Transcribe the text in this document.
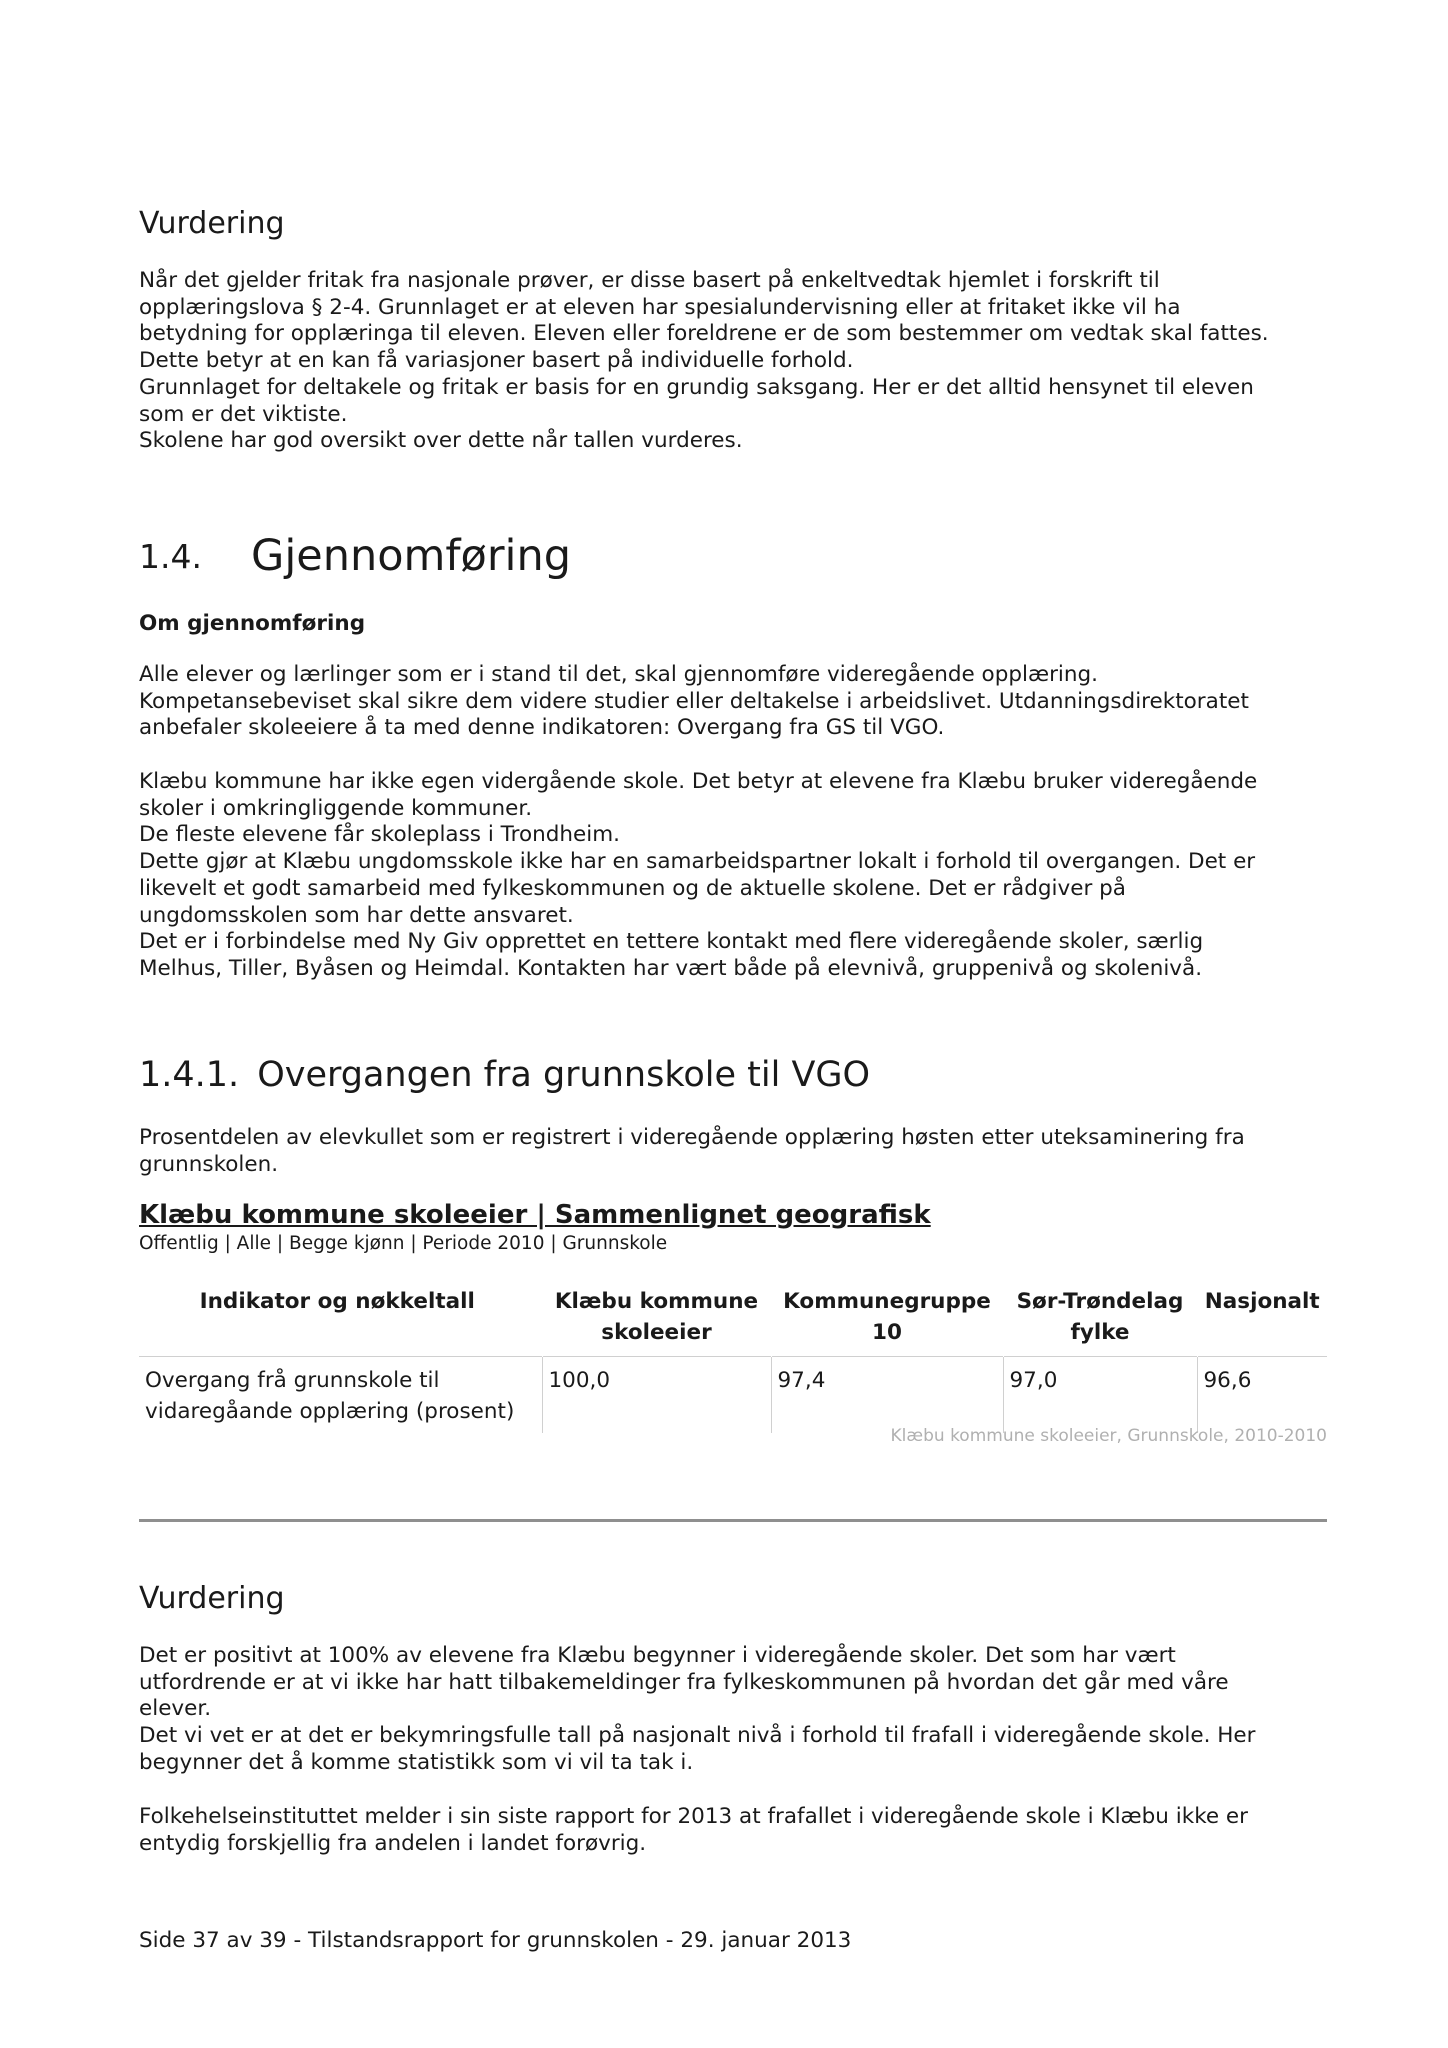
Vurdering

Når det gjelder fritak fra nasjonale prøver, er disse basert på enkeltvedtak hjemlet i forskrift til
opplæringslova § 2-4. Grunnlaget er at eleven har spesialundervisning eller at fritaket ikke vil ha
betydning for opplæringa til eleven. Eleven eller foreldrene er de som bestemmer om vedtak skal fattes.
Dette betyr at en kan få variasjoner basert på individuelle forhold.
Grunnlaget for deltakele og fritak er basis for en grundig saksgang. Her er det alltid hensynet til eleven
som er det viktiste.
Skolene har god oversikt over dette når tallen vurderes.

1.4.	Gjennomføring
Om gjennomføring

Alle elever og lærlinger som er i stand til det, skal gjennomføre videregående opplæring.
Kompetansebeviset skal sikre dem videre studier eller deltakelse i arbeidslivet. Utdanningsdirektoratet
anbefaler skoleeiere å ta med denne indikatoren: Overgang fra GS til VGO.

Klæbu kommune har ikke egen vidergående skole. Det betyr at elevene fra Klæbu bruker videregående
skoler i omkringliggende kommuner.
De fleste elevene får skoleplass i Trondheim.
Dette gjør at Klæbu ungdomsskole ikke har en samarbeidspartner lokalt i forhold til overgangen. Det er
likevelt et godt samarbeid med fylkeskommunen og de aktuelle skolene. Det er rådgiver på
ungdomsskolen som har dette ansvaret.
Det er i forbindelse med Ny Giv opprettet en tettere kontakt med flere videregående skoler, særlig
Melhus, Tiller, Byåsen og Heimdal. Kontakten har vært både på elevnivå, gruppenivå og skolenivå.

1.4.1. Overgangen fra grunnskole til VGO

Prosentdelen av elevkullet som er registrert i videregående opplæring høsten etter uteksaminering fra
grunnskolen.

Klæbu kommune skoleeier | Sammenlignet geografisk
Offentlig | Alle | Begge kjønn | Periode 2010 | Grunnskole
Indikator og nøkkeltall	Klæbu kommune skoleeier	Kommunegruppe 10	Sør-Trøndelag fylke	Nasjonalt
Overgang frå grunnskole til vidaregåande opplæring (prosent)	100,0	97,4	97,0	96,6
Klæbu kommune skoleeier, Grunnskole, 2010-2010
Vurdering

Det er positivt at 100% av elevene fra Klæbu begynner i videregående skoler. Det som har vært
utfordrende er at vi ikke har hatt tilbakemeldinger fra fylkeskommunen på hvordan det går med våre
elever.
Det vi vet er at det er bekymringsfulle tall på nasjonalt nivå i forhold til frafall i videregående skole. Her
begynner det å komme statistikk som vi vil ta tak i.

Folkehelseinstituttet melder i sin siste rapport for 2013 at frafallet i videregående skole i Klæbu ikke er
entydig forskjellig fra andelen i landet forøvrig.

Side 37 av 39 - Tilstandsrapport for grunnskolen - 29. januar 2013
